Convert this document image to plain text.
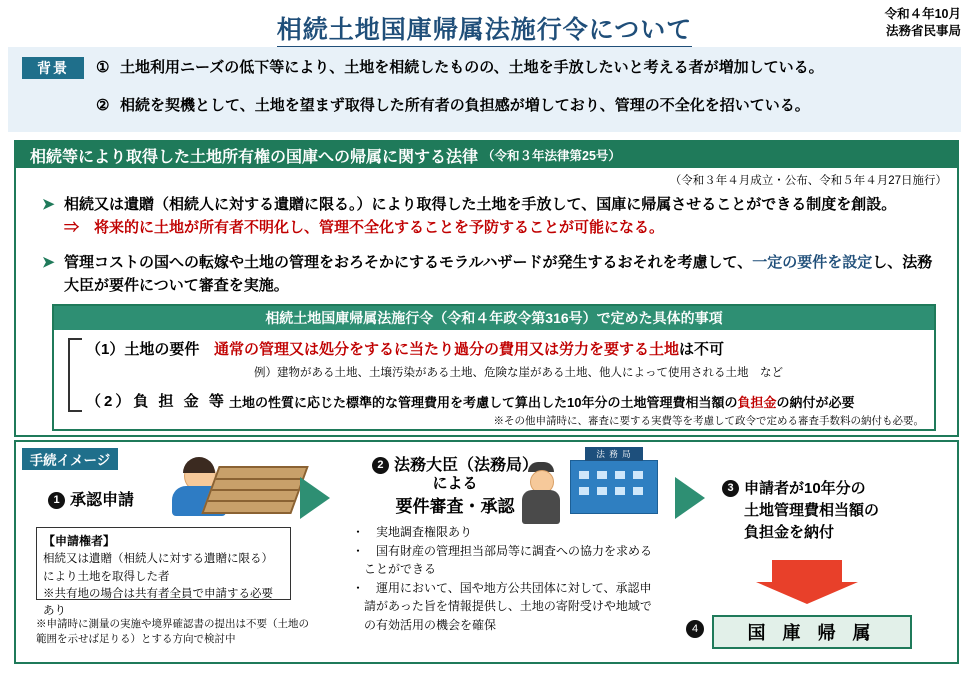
令和４年10月
法務省民事局
相続土地国庫帰属法施行令について
背景	① 土地利用ニーズの低下等により、土地を相続したものの、土地を手放したいと考える者が増加している。
② 相続を契機として、土地を望まず取得した所有者の負担感が増しており、管理の不全化を招いている。
相続等により取得した土地所有権の国庫への帰属に関する法律 （令和３年法律第25号）
（令和３年４月成立・公布、令和５年４月27日施行）
➤ 相続又は遺贈（相続人に対する遺贈に限る。）により取得した土地を手放して、国庫に帰属させることができる制度を創設。
⇒　将来的に土地が所有者不明化し、管理不全化することを予防することが可能になる。
➤ 管理コストの国への転嫁や土地の管理をおろそかにするモラルハザードが発生するおそれを考慮して、一定の要件を設定し、法務大臣が要件について審査を実施。
相続土地国庫帰属法施行令（令和４年政令第316号）で定めた具体的事項
（1）土地の要件 通常の管理又は処分をするに当たり過分の費用又は労力を要する土地は不可
例）建物がある土地、土壌汚染がある土地、危険な崖がある土地、他人によって使用される土地　など
（2）負 担 金 等 土地の性質に応じた標準的な管理費用を考慮して算出した10年分の土地管理費相当額の負担金の納付が必要
※その他申請時に、審査に要する実費等を考慮して政令で定める審査手数料の納付も必要。
手続イメージ	法 務 局
1 承認申請
2 法務大臣（法務局）
による
要件審査・承認
3 申請者が10年分の
土地管理費相当額の
負担金を納付
【申請権者】
相続又は遺贈（相続人に対する遺贈に限る）
により土地を取得した者
※共有地の場合は共有者全員で申請する必要あり
※申請時に測量の実施や境界確認書の提出は不要（土地の範囲を示せば足りる）とする方向で検討中
・　実地調査権限あり
・　国有財産の管理担当部局等に調査への協力を求めることができる
・　運用において、国や地方公共団体に対して、承認申請があった旨を情報提供し、土地の寄附受けや地域での有効活用の機会を確保	4	国 庫 帰 属
